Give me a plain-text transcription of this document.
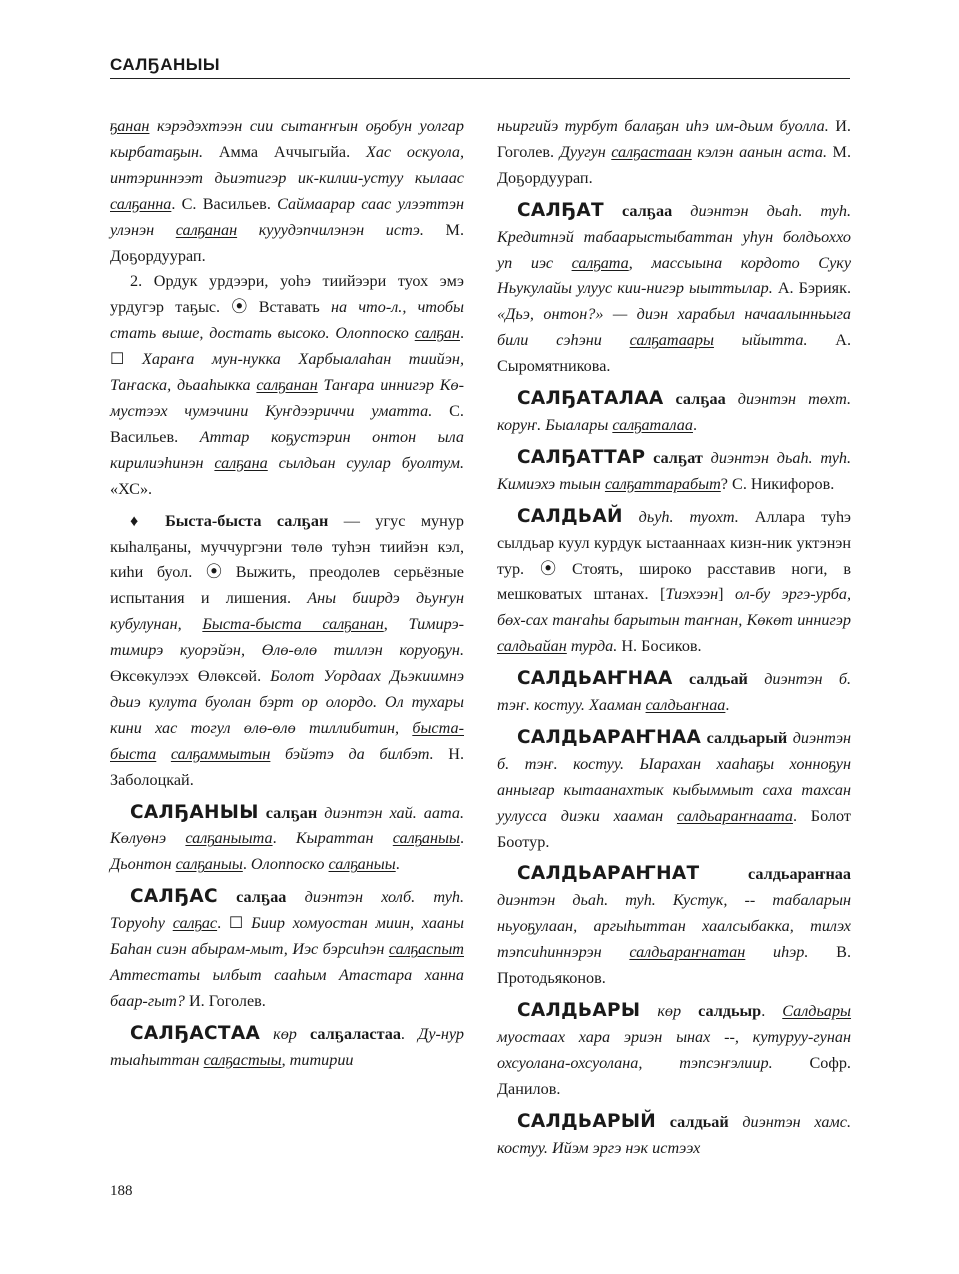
САЛҔАНЫЫ

ҕанан кэрэдэхтээн сии сытаҥҥын оҕобун уолгар кырбатаҕын. Амма Аччыгыйа. Хас оскуола, интэриннээт дьиэтигэр ик-килии-устуу кылаас салҕанна. С. Васильев. Саймаарар саас улээттэн улэнэн салҕанан кууудэпчилэнэн истэ. М. Доҕордуурап.

2. Ордук урдээри, уоһэ тиийээри туох эмэ урдугэр таҕыс. ⦿ Вставать на что-л., чтобы стать выше, достать высоко. Олоппоско салҕан. ☐ Хараҥа мун-нукка Харбыалаһан тиийэн, Таҥаска, дьааһыкка салҕанан Таҥара иннигэр Кө-мустээх чумэчини Куҥдээриччи уматта. С. Васильев. Аттар коҕустэрин онтон ыла кирилиэһинэн салҕана сылдьан суулар буолтум. «ХС».

♦ Быста-быста салҕан — угус мунур кыһалҕаны, муччургэни төлө туһэн тиийэн кэл, киһи буол. ⦿ Выжить, преодолев серьёзные испытания и лишения. Аны биирдэ дьуҥун кубулунан, Быста-быста салҕанан, Тимирэ-тимирэ куорэйэн, Өлө-өлө тиллэн коруоҕун. Өксөкулээх Өлөксөй. Болот Уордаах Дьэкиимнэ дьиэ кулута буолан бэрт ор олордо. Ол тухары кини хас тогул өлө-өлө тиллибитин, быста-быста салҕаммытын бэйэтэ да билбэт. Н. Заболоцкай.

САЛҔАНЫЫ салҕан диэнтэн хай. аата. Көлуөнэ салҕаныыта. Кыраттан салҕаныы. Дьонтон салҕаныы. Олоппоско салҕаныы.

САЛҔАС салҕаа диэнтэн холб. туһ. Торуоһу салҕас. ☐ Биир хомуостан миин, хааны Баһан сиэн абырам-мыт, Иэс бэрсиһэн салҕаспыт Аттестаты ылбыт сааһым Атастара ханна баар-гыт? И. Гоголев.

САЛҔАСТАА көр салҕаластаа. Ду-нур тыаһыттан салҕастыы, титирии

ньиргийэ турбут балаҕан иһэ им-дьим буолла. И. Гоголев. Дуугун салҕастаан кэлэн аанын аста. М. Доҕордуурап.

САЛҔАТ салҕаа диэнтэн дьаһ. туһ. Кредитнэй табаарыстыбаттан уһун болдьоххо уп иэс салҕата, массыына кордото Суку Ньукулайы улуус кии-нигэр ыыттылар. А. Бэрияк. «Дьэ, онтон?» — диэн харабыл начаалынньыга били сэһэни салҕатаары ыйытта. А. Сыромятникова.

САЛҔАТАЛАА салҕаа диэнтэн төхт. коруҥ. Быалары салҕаталаа.

САЛҔАТТАР салҕат диэнтэн дьаһ. туһ. Кимиэхэ тыын салҕаттарабыт? С. Никифоров.

САЛДЬАЙ дьуһ. туохт. Аллара туһэ сылдьар куул курдук ыстааннаах кизн-ник уктэнэн тур. ⦿ Стоять, широко расставив ноги, в мешковатых штанах. [Тиэхээн] ол-бу эргэ-урба, бөх-сах таҥаһы барытын таҥнан, Көкөт иннигэр салдьайан турда. Н. Босиков.

САЛДЬАҤНАА салдьай диэнтэн б. тэҥ. костуу. Хааман салдьаҥнаа.

САЛДЬАРАҤНАА салдьарый диэнтэн б. тэҥ. костуу. Ыарахан хааһаҕы хонноҕун аннығар кытаанахтык кыбыммыт саха тахсан уулусса диэки хааман салдьараҥнаата. Болот Боотур.

САЛДЬАРАҤНАТ	салдьараҥнаа диэнтэн дьаһ. туһ. Кустук, -- табаларын ньуоҕулаан, аргыһыттан хаалсыбакка, тилэх тэпсиһиннэрэн салдьараҥнатан иһэр. В. Протодьяконов.

САЛДЬАРЫ көр салдьыр. Салдьары муостаах хара эриэн ынах --, кутуруу-гунан охсуолана-охсуолана, тэпсэҥэлиир. Софр. Данилов.

САЛДЬАРЫЙ салдьай диэнтэн хамс. костуу. Ийэм эргэ нэк истээх

188
